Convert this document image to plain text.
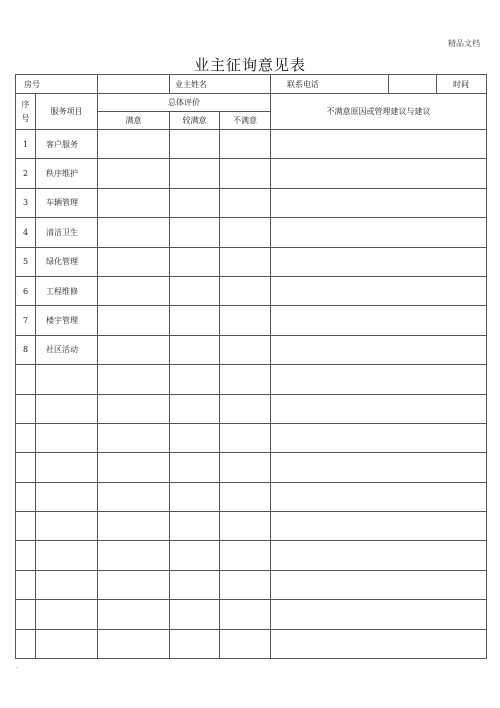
精品文档
业主征询意见表
房号			业主姓名		联系电话		时间

序
号	服务项目	总体评价			不满意原因或管理建议与建议		
		满意	较满意	不满意			
1	客户服务						
2	秩序维护						
3	车辆管理						
4	清洁卫生						
5	绿化管理						
6	工程维修						
7	楼宇管理						
8	社区活动						

.
